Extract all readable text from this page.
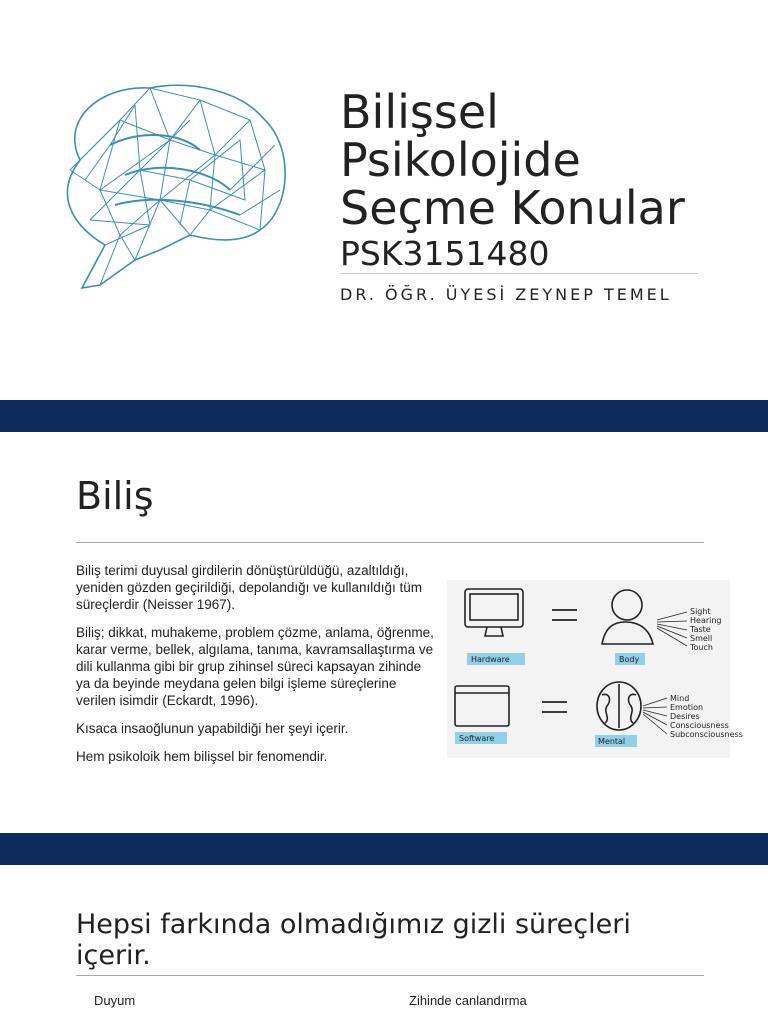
Bilişsel
Psikolojide
Seçme Konular
PSK3151480
DR. ÖĞR. ÜYESİ ZEYNEP TEMEL
Biliş

Biliş terimi duyusal girdilerin dönüştürüldüğü, azaltıldığı, yeniden gözden geçirildiği, depolandığı ve kullanıldığı tüm süreçlerdir (Neisser 1967).

Biliş; dikkat, muhakeme, problem çözme, anlama, öğrenme, karar verme, bellek, algılama, tanıma, kavramsallaştırma ve dili kullanma gibi bir grup zihinsel süreci kapsayan zihinde ya da beyinde meydana gelen bilgi işleme süreçlerine verilen isimdir (Eckardt, 1996).

Kısaca insaoğlunun yapabildiği her şeyi içerir.

Hem psikoloik hem bilişsel bir fenomendir.

Hardware	Body
Sight
Hearing
Taste
Smell
Touch
Software	Mental
Mind
Emotion
Desires
Consciousness
Subconsciousness
Hepsi farkında olmadığımız gizli süreçleri içerir.
Duyum	Zihinde canlandırma
